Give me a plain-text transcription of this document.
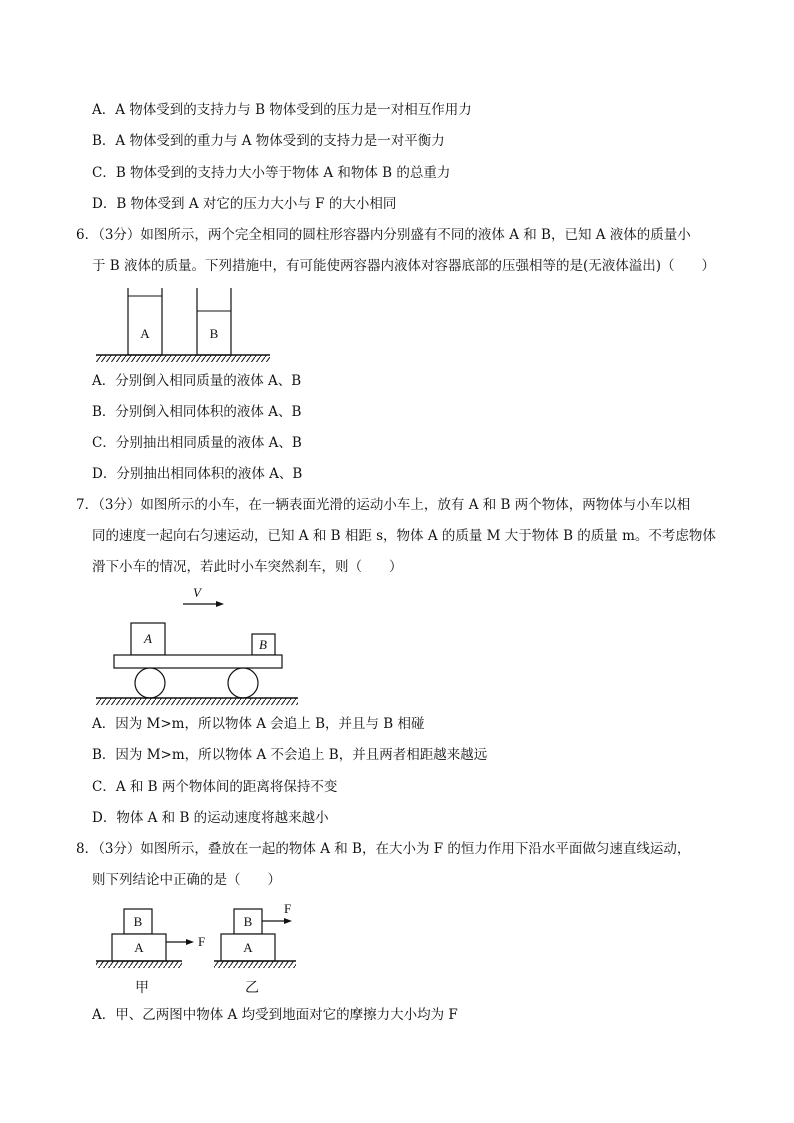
A．A 物体受到的支持力与 B 物体受到的压力是一对相互作用力
B．A 物体受到的重力与 A 物体受到的支持力是一对平衡力
C．B 物体受到的支持力大小等于物体 A 和物体 B 的总重力
D．B 物体受到 A 对它的压力大小与 F 的大小相同
6．（3分）如图所示，两个完全相同的圆柱形容器内分别盛有不同的液体 A 和 B，已知 A 液体的质量小
于 B 液体的质量。下列措施中，有可能使两容器内液体对容器底部的压强相等的是(无液体溢出)（　　）
A	B
A．分别倒入相同质量的液体 A、B
B．分别倒入相同体积的液体 A、B
C．分别抽出相同质量的液体 A、B
D．分别抽出相同体积的液体 A、B
7．（3分）如图所示的小车，在一辆表面光滑的运动小车上，放有 A 和 B 两个物体，两物体与小车以相
同的速度一起向右匀速运动，已知 A 和 B 相距 s，物体 A 的质量 M 大于物体 B 的质量 m。不考虑物体
滑下小车的情况，若此时小车突然刹车，则（　　）
V
A	B
A．因为 M>m，所以物体 A 会追上 B，并且与 B 相碰
B．因为 M>m，所以物体 A 不会追上 B，并且两者相距越来越远
C．A 和 B 两个物体间的距离将保持不变
D．物体 A 和 B 的运动速度将越来越小
8．（3分）如图所示，叠放在一起的物体 A 和 B，在大小为 F 的恒力作用下沿水平面做匀速直线运动，
则下列结论中正确的是（　　）
B
A	F
甲
B
F
A
乙
A．甲、乙两图中物体 A 均受到地面对它的摩擦力大小均为 F
